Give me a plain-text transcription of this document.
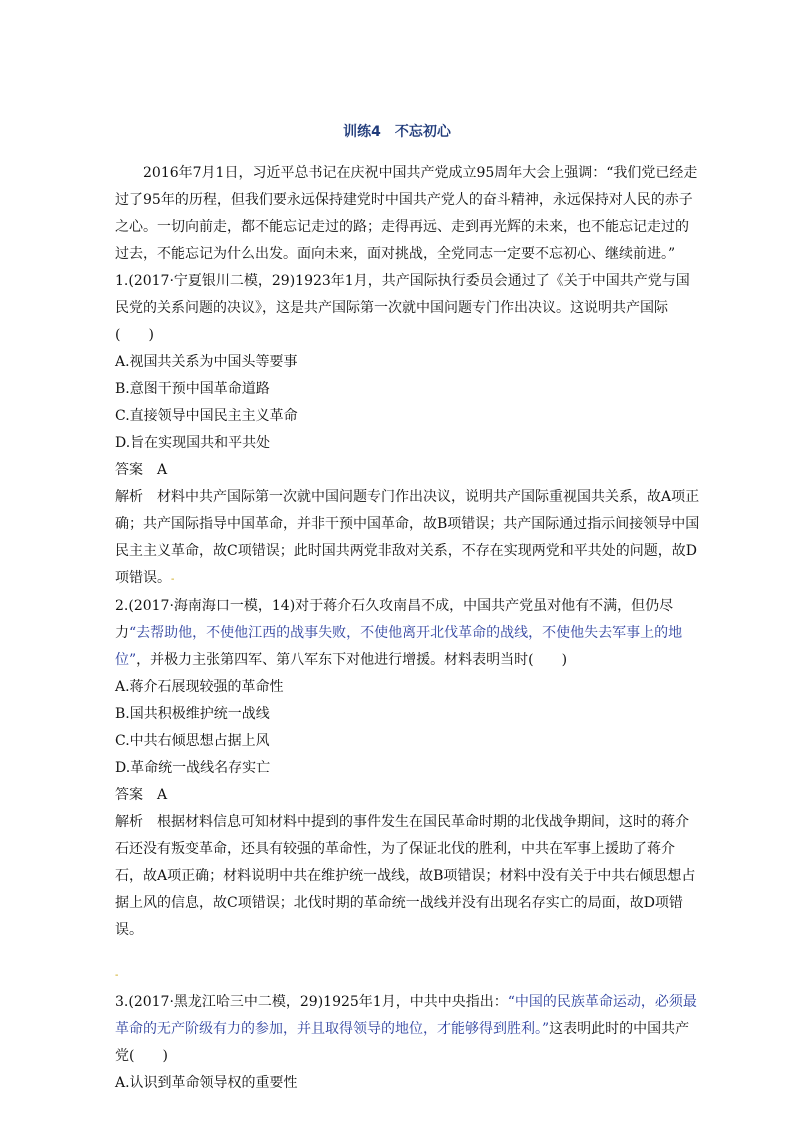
训练4　不忘初心

2016年7月1日，习近平总书记在庆祝中国共产党成立95周年大会上强调：“我们党已经走过了95年的历程，但我们要永远保持建党时中国共产党人的奋斗精神，永远保持对人民的赤子之心。一切向前走，都不能忘记走过的路；走得再远、走到再光辉的未来，也不能忘记走过的过去，不能忘记为什么出发。面向未来，面对挑战，全党同志一定要不忘初心、继续前进。”

1.(2017·宁夏银川二模，29)1923年1月，共产国际执行委员会通过了《关于中国共产党与国民党的关系问题的决议》，这是共产国际第一次就中国问题专门作出决议。这说明共产国际(　　)

A.视国共关系为中国头等要事

B.意图干预中国革命道路

C.直接领导中国民主主义革命

D.旨在实现国共和平共处

答案　A

解析　材料中共产国际第一次就中国问题专门作出决议，说明共产国际重视国共关系，故A项正确；共产国际指导中国革命，并非干预中国革命，故B项错误；共产国际通过指示间接领导中国民主主义革命，故C项错误；此时国共两党非敌对关系，不存在实现两党和平共处的问题，故D项错误。-

2.(2017·海南海口一模，14)对于蒋介石久攻南昌不成，中国共产党虽对他有不满，但仍尽力“去帮助他，不使他江西的战事失败，不使他离开北伐革命的战线，不使他失去军事上的地位”，并极力主张第四军、第八军东下对他进行增援。材料表明当时(　　)

A.蒋介石展现较强的革命性

B.国共积极维护统一战线

C.中共右倾思想占据上风

D.革命统一战线名存实亡

答案　A

解析　根据材料信息可知材料中提到的事件发生在国民革命时期的北伐战争期间，这时的蒋介石还没有叛变革命，还具有较强的革命性，为了保证北伐的胜利，中共在军事上援助了蒋介石，故A项正确；材料说明中共在维护统一战线，故B项错误；材料中没有关于中共右倾思想占据上风的信息，故C项错误；北伐时期的革命统一战线并没有出现名存实亡的局面，故D项错误。

-

3.(2017·黑龙江哈三中二模，29)1925年1月，中共中央指出：“中国的民族革命运动，必须最革命的无产阶级有力的参加，并且取得领导的地位，才能够得到胜利。”这表明此时的中国共产党(　　)

A.认识到革命领导权的重要性
